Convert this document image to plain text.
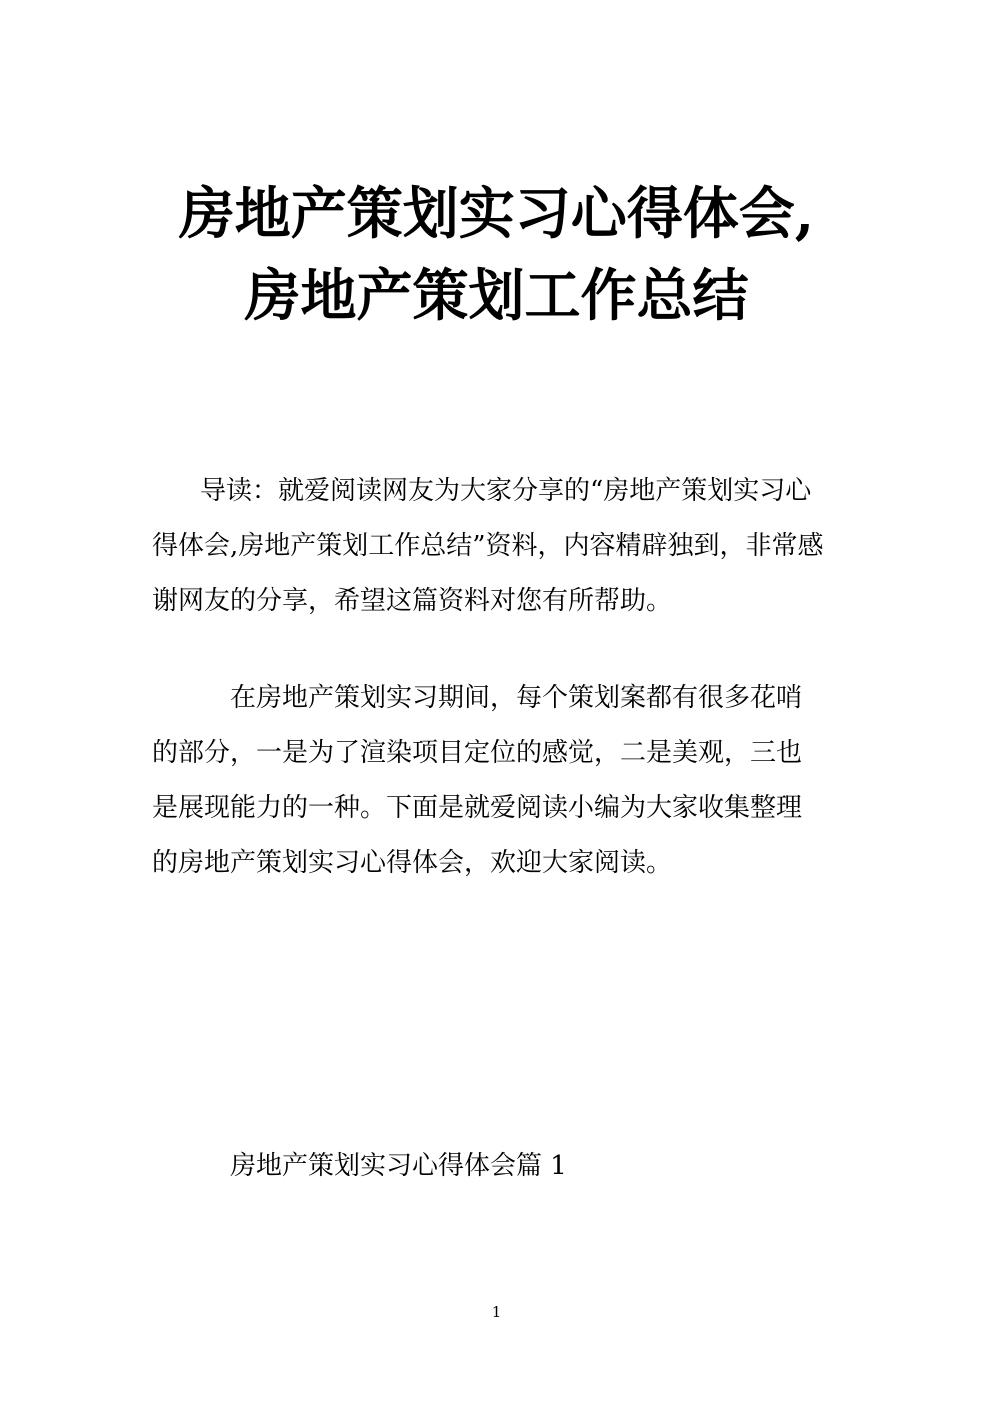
房地产策划实习心得体会,
房地产策划工作总结
导读：就爱阅读网友为大家分享的“房地产策划实习心
得体会,房地产策划工作总结”资料，内容精辟独到，非常感
谢网友的分享，希望这篇资料对您有所帮助。
在房地产策划实习期间，每个策划案都有很多花哨
的部分，一是为了渲染项目定位的感觉，二是美观，三也
是展现能力的一种。下面是就爱阅读小编为大家收集整理
的房地产策划实习心得体会，欢迎大家阅读。
房地产策划实习心得体会篇 1
1
